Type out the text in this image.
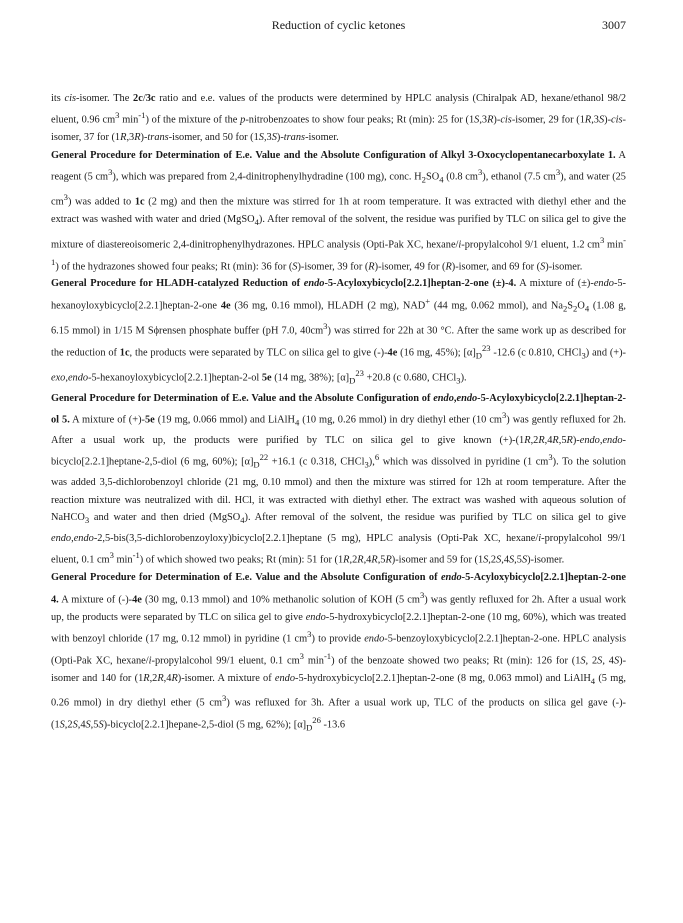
Reduction of cyclic ketones	3007

its cis-isomer. The 2c/3c ratio and e.e. values of the products were determined by HPLC analysis (Chiralpak AD, hexane/ethanol 98/2 eluent, 0.96 $cm^3$ $\min^{-1}$) of the mixture of the p-nitrobenzoates to show four peaks; Rt (min): 25 for (1S,3R)-cis-isomer, 29 for (1R,3S)-cis-isomer, 37 for (1R,3R)-trans-isomer, and 50 for (1S,3S)-trans-isomer.

General Procedure for Determination of E.e. Value and the Absolute Configuration of Alkyl 3-Oxocyclopentanecarboxylate 1. A reagent (5 $cm^3$), which was prepared from 2,4-dinitrophenylhydradine (100 mg), conc. $H_2SO_4$ (0.8 $cm^3$), ethanol (7.5 $cm^3$), and water (25 $cm^3$) was added to 1c (2 mg) and then the mixture was stirred for 1h at room temperature. It was extracted with diethyl ether and the extract was washed with water and dried (MgSO$_4$). After removal of the solvent, the residue was purified by TLC on silica gel to give the mixture of diastereoisomeric 2,4-dinitrophenylhydrazones. HPLC analysis (Opti-Pak XC, hexane/i-propylalcohol 9/1 eluent, 1.2 $cm^3$ $\min^{-1}$) of the hydrazones showed four peaks; Rt (min): 36 for (S)-isomer, 39 for (R)-isomer, 49 for (R)-isomer, and 69 for (S)-isomer.

General Procedure for HLADH-catalyzed Reduction of endo-5-Acyloxybicyclo[2.2.1]heptan-2-one (±)-4. A mixture of (±)-endo-5-hexanoyloxybicyclo[2.2.1]heptan-2-one 4e (36 mg, 0.16 mmol), HLADH (2 mg), NAD+ (44 mg, 0.062 mmol), and $Na_2S_2O_4$ (1.08 g, 6.15 mmol) in 1/15 M Sϕrensen phosphate buffer (pH 7.0, $40cm^3$) was stirred for 22h at 30 °C. After the same work up as described for the reduction of 1c, the products were separated by TLC on silica gel to give (-)-4e (16 mg, 45%); $[\alpha]_D^{23}$ -12.6 (c 0.810, CHCl$_3$) and (+)-exo,endo-5-hexanoyloxybicyclo[2.2.1]heptan-2-ol 5e (14 mg, 38%); $[\alpha]_D^{23} +20.8$ (c 0.680, CHCl$_3$).

General Procedure for Determination of E.e. Value and the Absolute Configuration of endo,endo-5-Acyloxybicyclo[2.2.1]heptan-2-ol 5. A mixture of (+)-5e (19 mg, 0.066 mmol) and LiAlH$_4$ (10 mg, 0.26 mmol) in dry diethyl ether (10 $cm^3$) was gently refluxed for 2h. After a usual work up, the products were purified by TLC on silica gel to give known (+)-(1R,2R,4R,5R)-endo,endo-bicyclo[2.2.1]heptane-2,5-diol (6 mg, 60%); $[\alpha]_D^{22} +16.1$ (c 0.318, CHCl$_3$),$^6$ which was dissolved in pyridine (1 $cm^3$). To the solution was added 3,5-dichlorobenzoyl chloride (21 mg, 0.10 mmol) and then the mixture was stirred for 12h at room temperature. After the reaction mixture was neutralized with dil. HCl, it was extracted with diethyl ether. The extract was washed with aqueous solution of NaHCO$_3$ and water and then dried (MgSO$_4$). After removal of the solvent, the residue was purified by TLC on silica gel to give endo,endo-2,5-bis(3,5-dichlorobenzoyloxy)bicyclo[2.2.1]heptane (5 mg), HPLC analysis (Opti-Pak XC, hexane/i-propylalcohol 99/1 eluent, 0.1 $cm^3$ $\min^{-1}$) of which showed two peaks; Rt (min): 51 for (1R,2R,4R,5R)-isomer and 59 for (1S,2S,4S,5S)-isomer.

General Procedure for Determination of E.e. Value and the Absolute Configuration of endo-5-Acyloxybicyclo[2.2.1]heptan-2-one 4. A mixture of (-)-4e (30 mg, 0.13 mmol) and 10% methanolic solution of KOH (5 $cm^3$) was gently refluxed for 2h. After a usual work up, the products were separated by TLC on silica gel to give endo-5-hydroxybicyclo[2.2.1]heptan-2-one (10 mg, 60%), which was treated with benzoyl chloride (17 mg, 0.12 mmol) in pyridine (1 $cm^3$) to provide endo-5-benzoyloxybicyclo[2.2.1]heptan-2-one. HPLC analysis (Opti-Pak XC, hexane/i-propylalcohol 99/1 eluent, 0.1 $cm^3$ $\min^{-1}$) of the benzoate showed two peaks; Rt (min): 126 for (1S, 2S, 4S)-isomer and 140 for (1R,2R,4R)-isomer. A mixture of endo-5-hydroxybicyclo[2.2.1]heptan-2-one (8 mg, 0.063 mmol) and LiAlH$_4$ (5 mg, 0.26 mmol) in dry diethyl ether (5 $cm^3$) was refluxed for 3h. After a usual work up, TLC of the products on silica gel gave (-)-(1S,2S,4S,5S)-bicyclo[2.2.1]hepane-2,5-diol (5 mg, 62%); $[\alpha]_D^{26}$ -13.6
